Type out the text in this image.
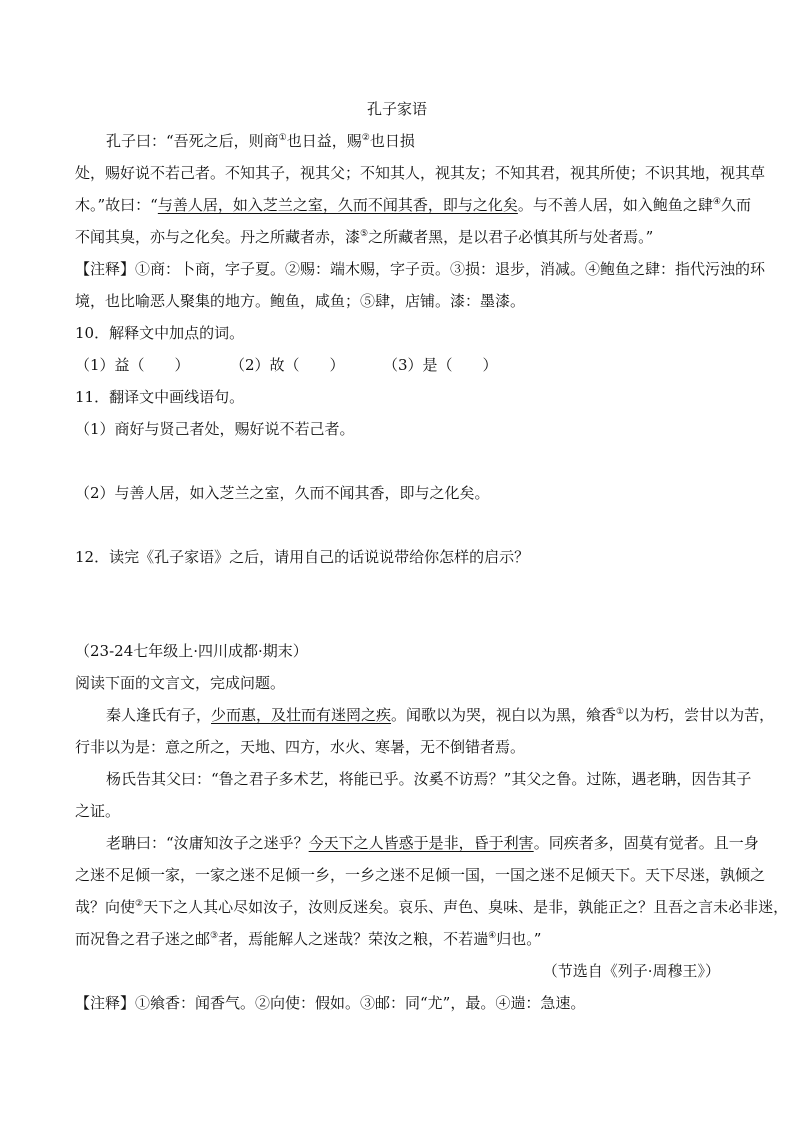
孔子家语
孔子曰：“吾死之后，则商①也日益，赐②也日损
处，赐好说不若己者。不知其子，视其父；不知其人，视其友；不知其君，视其所使；不识其地，视其草
木。”故曰：“与善人居，如入芝兰之室，久而不闻其香，即与之化矣。与不善人居，如入鲍鱼之肆④久而
不闻其臭，亦与之化矣。丹之所藏者赤，漆⑤之所藏者黑，是以君子必慎其所与处者焉。”
【注释】①商：卜商，字子夏。②赐：端木赐，字子贡。③损：退步，消减。④鲍鱼之肆：指代污浊的环
境，也比喻恶人聚集的地方。鲍鱼，咸鱼；⑤肆，店铺。漆：墨漆。
10．解释文中加点的词。
（1）益（　　）	（2）故（　　）	（3）是（　　）
11．翻译文中画线语句。
（1）商好与贤己者处，赐好说不若己者。
（2）与善人居，如入芝兰之室，久而不闻其香，即与之化矣。
12．读完《孔子家语》之后，请用自己的话说说带给你怎样的启示？
（23-24七年级上·四川成都·期末）
阅读下面的文言文，完成问题。
秦人逢氏有子，少而惠，及壮而有迷罔之疾。闻歌以为哭，视白以为黑，飨香①以为朽，尝甘以为苦，
行非以为是：意之所之，天地、四方，水火、寒暑，无不倒错者焉。
杨氏告其父曰：“鲁之君子多术艺，将能已乎。汝奚不访焉？”其父之鲁。过陈，遇老聃，因告其子
之证。
老聃曰：“汝庸知汝子之迷乎？今天下之人皆惑于是非，昏于利害。同疾者多，固莫有觉者。且一身
之迷不足倾一家，一家之迷不足倾一乡，一乡之迷不足倾一国，一国之迷不足倾天下。天下尽迷，孰倾之
哉？向使②天下之人其心尽如汝子，汝则反迷矣。哀乐、声色、臭味、是非，孰能正之？且吾之言未必非迷，
而况鲁之君子迷之邮③者，焉能解人之迷哉？荣汝之粮，不若遄④归也。”
（节选自《列子·周穆王》）
【注释】①飨香：闻香气。②向使：假如。③邮：同“尤”，最。④遄：急速。
